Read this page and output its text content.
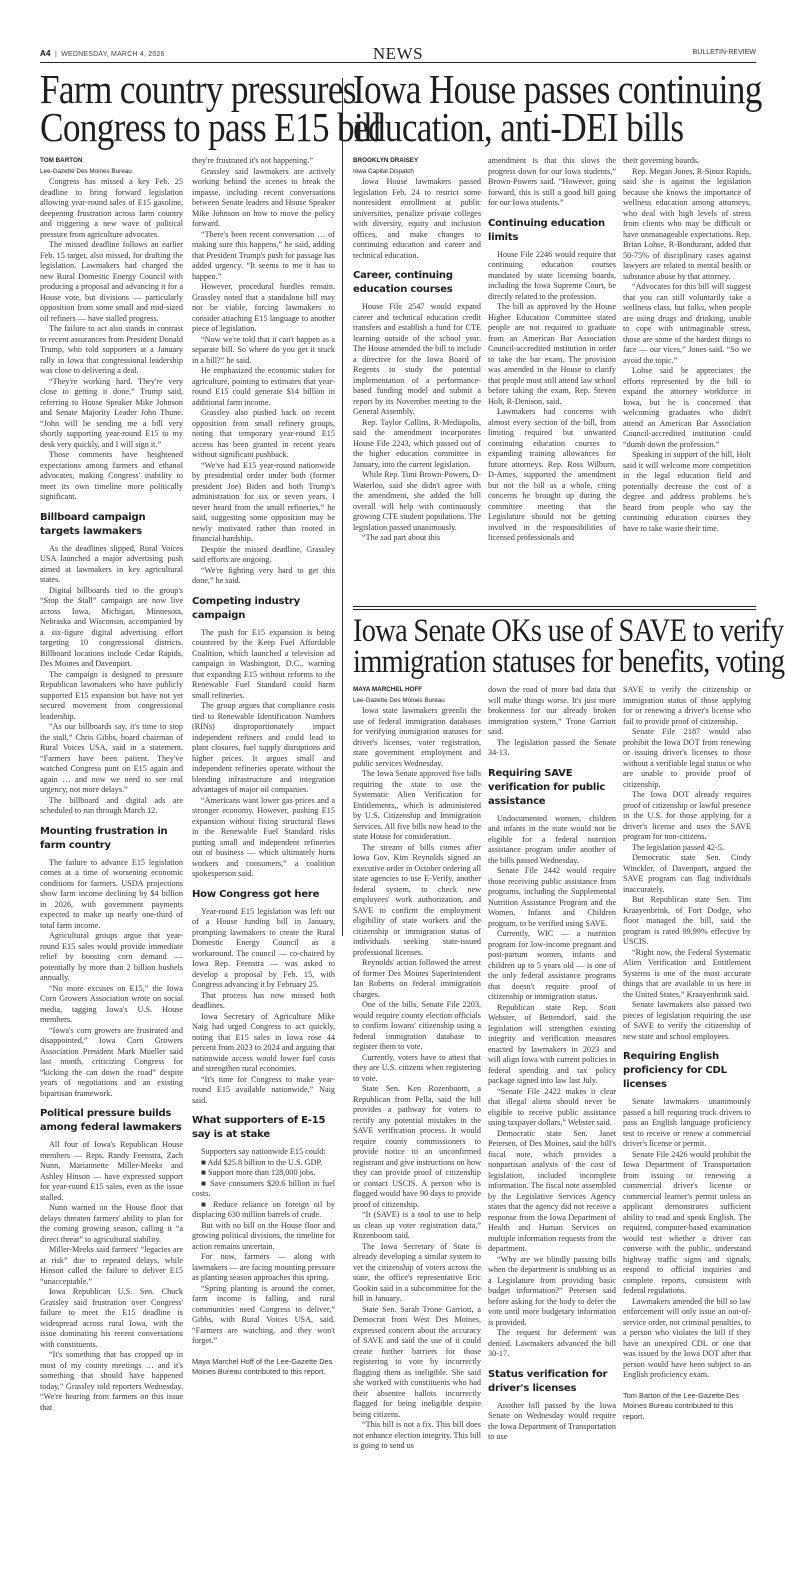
A4  |  WEDNESDAY, MARCH 4, 2026	NEWS	BULLETIN-REVIEW
Farm country pressures
Congress to pass E15 bill

TOM BARTON

Lee-Gazette Des Moines Bureau

Congress has missed a key Feb. 25 deadline to bring forward legislation allowing year-round sales of E15 gasoline, deepening frustration across farm country and triggering a new wave of political pressure from agriculture advocates.

The missed deadline follows an earlier Feb. 15 target, also missed, for drafting the legislation. Lawmakers had charged the new Rural Domestic Energy Council with producing a proposal and advancing it for a House vote, but divisions — particularly opposition from some small and mid-sized oil refiners — have stalled progress.

The failure to act also stands in contrast to recent assurances from President Donald Trump, who told supporters at a January rally in Iowa that congressional leadership was close to delivering a deal.

“They're working hard. They're very close to getting it done,” Trump said, referring to House Speaker Mike Johnson and Senate Majority Leader John Thune. “John will be sending me a bill very shortly supporting year-round E15 to my desk very quickly, and I will sign it.”

Those comments have heightened expectations among farmers and ethanol advocates, making Congress' inability to meet its own timeline more politically significant.

Billboard campaign targets lawmakers

As the deadlines slipped, Rural Voices USA launched a major advertising push aimed at lawmakers in key agricultural states.

Digital billboards tied to the group's “Stop the Stall” campaign are now live across Iowa, Michigan, Minnesota, Nebraska and Wisconsin, accompanied by a six-figure digital advertising effort targeting 10 congressional districts. Billboard locations include Cedar Rapids, Des Moines and Davenport.

The campaign is designed to pressure Republican lawmakers who have publicly supported E15 expansion but have not yet secured movement from congressional leadership.

“As our billboards say, it's time to stop the stall,” Chris Gibbs, board chairman of Rural Voices USA, said in a statement. “Farmers have been patient. They've watched Congress punt on E15 again and again … and now we need to see real urgency, not more delays.”

The billboard and digital ads are scheduled to run through March 12.

Mounting frustration in farm country

The failure to advance E15 legislation comes at a time of worsening economic conditions for farmers. USDA projections show farm income declining by $4 billion in 2026, with government payments expected to make up nearly one-third of total farm income.

Agricultural groups argue that year-round E15 sales would provide immediate relief by boosting corn demand — potentially by more than 2 billion bushels annually.

“No more excuses on E15,” the Iowa Corn Growers Association wrote on social media, tagging Iowa's U.S. House members.

“Iowa's corn growers are frustrated and disappointed,” Iowa Corn Growers Association President Mark Mueller said last month, criticizing Congress for “kicking the can down the road” despite years of negotiations and an existing bipartisan framework.

Political pressure builds among federal lawmakers

All four of Iowa's Republican House members — Reps. Randy Feenstra, Zach Nunn, Mariannette Miller-Meeks and Ashley Hinson — have expressed support for year-round E15 sales, even as the issue stalled.

Nunn warned on the House floor that delays threaten farmers' ability to plan for the coming growing season, calling it “a direct threat” to agricultural stability.

Miller-Meeks said farmers' “legacies are at risk” due to repeated delays, while Hinson called the failure to deliver E15 “unacceptable.”

Iowa Republican U.S. Sen. Chuck Grassley said frustration over Congress' failure to meet the E15 deadline is widespread across rural Iowa, with the issue dominating his recent conversations with constituents.

“It's something that has cropped up in most of my county meetings … and it's something that should have happened today,” Grassley told reporters Wednesday. “We're hearing from farmers on this issue that

they're frustrated it's not happening.”

Grassley said lawmakers are actively working behind the scenes to break the impasse, including recent conversations between Senate leaders and House Speaker Mike Johnson on how to move the policy forward.

“There's been recent conversation … of making sure this happens,” he said, adding that President Trump's push for passage has added urgency. “It seems to me it has to happen.”

However, procedural hurdles remain. Grassley noted that a standalone bill may not be viable, forcing lawmakers to consider attaching E15 language to another piece of legislation.

“Now we're told that it can't happen as a separate bill. So where do you get it stuck in a bill?” he said.

He emphasized the economic stakes for agriculture, pointing to estimates that year-round E15 could generate $14 billion in additional farm income.

Grassley also pushed back on recent opposition from small refinery groups, noting that temporary year-round E15 access has been granted in recent years without significant pushback.

“We've had E15 year-round nationwide by presidential order under both (former president Joe) Biden and both Trump's administration for six or seven years, I never heard from the small refineries,” he said, suggesting some opposition may be newly motivated rather than rooted in financial hardship.

Despite the missed deadline, Grassley said efforts are ongoing.

“We're fighting very hard to get this done,” he said.

Competing industry campaign

The push for E15 expansion is being countered by the Keep Fuel Affordable Coalition, which launched a television ad campaign in Washington, D.C., warning that expanding E15 without reforms to the Renewable Fuel Standard could harm small refineries.

The group argues that compliance costs tied to Renewable Identification Numbers (RINs) disproportionately impact independent refiners and could lead to plant closures, fuel supply disruptions and higher prices. It argues small and independent refineries operate without the blending infrastructure and integration advantages of major oil companies.

“Americans want lower gas prices and a stronger economy. However, pushing E15 expansion without fixing structural flaws in the Renewable Fuel Standard risks putting small and independent refineries out of business — which ultimately hurts workers and consumers,” a coalition spokesperson said.

How Congress got here

Year-round E15 legislation was left out of a House funding bill in January, prompting lawmakers to create the Rural Domestic Energy Council as a workaround. The council — co-chaired by Iowa Rep. Feenstra — was asked to develop a proposal by Feb. 15, with Congress advancing it by February 25.

That process has now missed both deadlines.

Iowa Secretary of Agriculture Mike Naig had urged Congress to act quickly, noting that E15 sales in Iowa rose 44 percent from 2023 to 2024 and arguing that nationwide access would lower fuel costs and strengthen rural economies.

“It's time for Congress to make year-round E15 available nationwide,” Naig said.

What supporters of E-15 say is at stake

Supporters say nationwide E15 could:

■ Add $25.8 billion to the U.S. GDP.

■ Support more than 128,000 jobs.

■ Save consumers $20.6 billion in fuel costs.

■ Reduce reliance on foreign oil by displacing 630 million barrels of crude.

But with no bill on the House floor and growing political divisions, the timeline for action remains uncertain.

For now, farmers — along with lawmakers — are facing mounting pressure as planting season approaches this spring.

“Spring planting is around the corner, farm income is falling, and rural communities need Congress to deliver,” Gibbs, with Rural Voices USA, said. “Farmers are watching, and they won't forget.”

Maya Marchel Hoff of the Lee-Gazette Des Moines Bureau contributed to this report.

Iowa House passes continuing
education, anti-DEI bills

BROOKLYN DRAISEY

Iowa Capital Dispatch

Iowa House lawmakers passed legislation Feb. 24 to restrict some nonresident enrollment at public universities, penalize private colleges with diversity, equity and inclusion offices, and make changes to continuing education and career and technical education.

Career, continuing education courses

House File 2547 would expand career and technical education credit transfers and establish a fund for CTE learning outside of the school year. The House amended the bill to include a directive for the Iowa Board of Regents to study the potential implementation of a performance-based funding model and submit a report by its November meeting to the General Assembly.

Rep. Taylor Collins, R-Mediapolis, said the amendment incorporates House File 2243, which passed out of the higher education committee in January, into the current legislation.

While Rep. Timi Brown-Powers, D-Waterloo, said she didn't agree with the amendment, she added the bill overall will help with continuously growing CTE student populations. The legislation passed unanimously.

“The sad part about this

amendment is that this slows the progress down for our Iowa students,” Brown-Powers said. “However, going forward, this is still a good bill going for our Iowa students.”

Continuing education limits

House File 2246 would require that continuing education courses mandated by state licensing boards, including the Iowa Supreme Court, be directly related to the profession.

The bill as approved by the House Higher Education Committee stated people are not required to graduate from an American Bar Association Council-accredited institution in order to take the bar exam. The provision was amended in the House to clarify that people must still attend law school before taking the exam, Rep. Steven Holt, R-Denison, said.

Lawmakers had concerns with almost every section of the bill, from limiting required but unwanted continuing education courses to expanding training allowances for future attorneys. Rep. Ross Wilburn, D-Ames, supported the amendment but not the bill as a whole, citing concerns he brought up during the committee meeting that the Legislature should not be getting involved in the responsibilities of licensed professionals and

their governing boards.

Rep. Megan Jones, R-Sioux Rapids, said she is against the legislation because she knows the importance of wellness education among attorneys, who deal with high levels of stress from clients who may be difficult or have unmanageable expectations. Rep. Brian Lohse, R-Bondurant, added that 50-75% of disciplinary cases against lawyers are related to mental health or substance abuse by that attorney.

“Advocates for this bill will suggest that you can still voluntarily take a wellness class, but folks, when people are using drugs and drinking, unable to cope with unimaginable stress, those are some of the hardest things to face — our vices,” Jones said. “So we avoid the topic.”

Lohse said he appreciates the efforts represented by the bill to expand the attorney workforce in Iowa, but he is concerned that welcoming graduates who didn't attend an American Bar Association Council-accredited institution could “dumb down the profession.”

Speaking in support of the bill, Holt said it will welcome more competition in the legal education field and potentially decrease the cost of a degree and address problems he's heard from people who say the continuing education courses they have to take waste their time.

Iowa Senate OKs use of SAVE to verify
immigration statuses for benefits, voting

MAYA MARCHEL HOFF

Lee-Gazette Des Moines Bureau

Iowa state lawmakers greenlit the use of federal immigration databases for verifying immigration statuses for driver's licenses, voter registration, state government employment and public services Wednesday.

The Iowa Senate approved five bills requiring the state to use the Systematic Alien Verification for Entitlements,, which is administered by U.S. Citizenship and Immigration Services. All five bills now head to the state House for consideration.

The stream of bills comes after Iowa Gov. Kim Reynolds signed an executive order in October ordering all state agencies to use E-Verify, another federal system, to check new employees' work authorization, and SAVE to confirm the employment eligibility of state workers and the citizenship or immigration status of individuals seeking state-issued professional licenses.

Reynolds' action followed the arrest of former Des Moines Superintendent Ian Roberts on federal immigration charges.

One of the bills, Senate File 2203, would require county election officials to confirm Iowans' citizenship using a federal immigration database to register them to vote.

Currently, voters have to attest that they are U.S. citizens when registering to vote.

State Sen. Ken Rozenboom, a Republican from Pella, said the bill provides a pathway for voters to rectify any potential mistakes in the SAVE verification process. It would require county commissioners to provide notice to an unconfirmed registrant and give instructions on how they can provide proof of citizenship or contact USCIS. A person who is flagged would have 90 days to provide proof of citizenship.

“It (SAVE) is a tool to use to help us clean up voter registration data,” Rozenboom said.

The Iowa Secretary of State is already developing a similar system to vet the citizenship of voters across the state, the office's representative Eric Gookin said in a subcommittee for the bill in January.

State Sen. Sarah Trone Garriott, a Democrat from West Des Moines, expressed concern about the accuracy of SAVE and said the use of it could create further barriers for those registering to vote by incorrectly flagging them as ineligible. She said she worked with constituents who had their absentee ballots incorrectly flagged for being ineligible despite being citizens.

“This bill is not a fix. This bill does not enhance election integrity. This bill is going to send us

down the road of more bad data that will make things worse. It's just more brokenness for our already broken immigration system,” Trone Garriott said.

The legislation passed the Senate 34-13.

Requiring SAVE verification for public assistance

Undocumented women, children and infants in the state would not be eligible for a federal nutrition assistance program under another of the bills passed Wednesday.

Senate File 2442 would require those receiving public assistance from programs, including the Supplemental Nutrition Assistance Program and the Women, Infants and Children program, to be verified using SAVE.

Currently, WIC — a nutrition program for low-income pregnant and post-partum women, infants and children up to 5 years old — is one of the only federal assistance programs that doesn't require proof of citizenship or immigration status.

Republican state Rep. Scott Webster, of Bettendorf, said the legislation will strengthen existing integrity and verification measures enacted by lawmakers in 2023 and will align Iowa with current policies in federal spending and tax policy package signed into law last July.

“Senate File 2422 makes it clear that illegal aliens should never be eligible to receive public assistance using taxpayer dollars,” Webster said.

Democratic state Sen. Janet Petersen, of Des Moines, said the bill's fiscal note, which provides a nonpartisan analysis of the cost of legislation, included incomplete information. The fiscal note assembled by the Legislative Services Agency states that the agency did not receive a response from the Iowa Department of Health and Human Services on multiple information requests from the department.

“Why are we blindly passing bills when the department is snubbing us as a Legislature from providing basic budget information?” Petersen said before asking for the body to defer the vote until more budgetary information is provided.

The request for deferment was denied. Lawmakers advanced the bill 30-17.

Status verification for driver's licenses

Another bill passed by the Iowa Senate on Wednesday would require the Iowa Department of Transportation to use

SAVE to verify the citizenship or immigration status of those applying for or renewing a driver's license who fail to provide proof of citizenship.

Senate File 2187 would also prohibit the Iowa DOT from renewing or issuing driver's licenses to those without a verifiable legal status or who are unable to provide proof of citizenship.

The Iowa DOT already requires proof of citizenship or lawful presence in the U.S. for those applying for a driver's license and uses the SAVE program for non-citizens.

The legislation passed 42-5.

Democratic state Sen. Cindy Winckler, of Davenport, argued the SAVE program can flag individuals inaccurately.

But Republican state Sen. Tim Kraayenbrink, of Fort Dodge, who floor managed the bill, said the program is rated 99.99% effective by USCIS.

“Right now, the Federal Systematic Alien Verification and Entitlement Systems is one of the most accurate things that are available to us here in the United States,” Kraayenbrink said.

Senate lawmakers also passed two pieces of legislation requiring the use of SAVE to verify the citizenship of new state and school employees.

Requiring English proficiency for CDL licenses

Senate lawmakers unanimously passed a bill requiring truck drivers to pass an English language proficiency test to receive or renew a commercial driver's license or permit.

Senate File 2426 would prohibit the Iowa Department of Transportation from issuing or renewing a commercial driver's license or commercial learner's permit unless an applicant demonstrates sufficient ability to read and speak English. The required, computer-based examination would test whether a driver can converse with the public, understand highway traffic signs and signals, respond to official inquiries and complete reports, consistent with federal regulations.

Lawmakers amended the bill so law enforcement will only issue an out-of-service order, not criminal penalties, to a person who violates the bill if they have an unexpired CDL or one that was issued by the Iowa DOT after that person would have been subject to an English proficiency exam.

Tom Barton of the Lee-Gazette Des Moines Bureau contributed to this report.
